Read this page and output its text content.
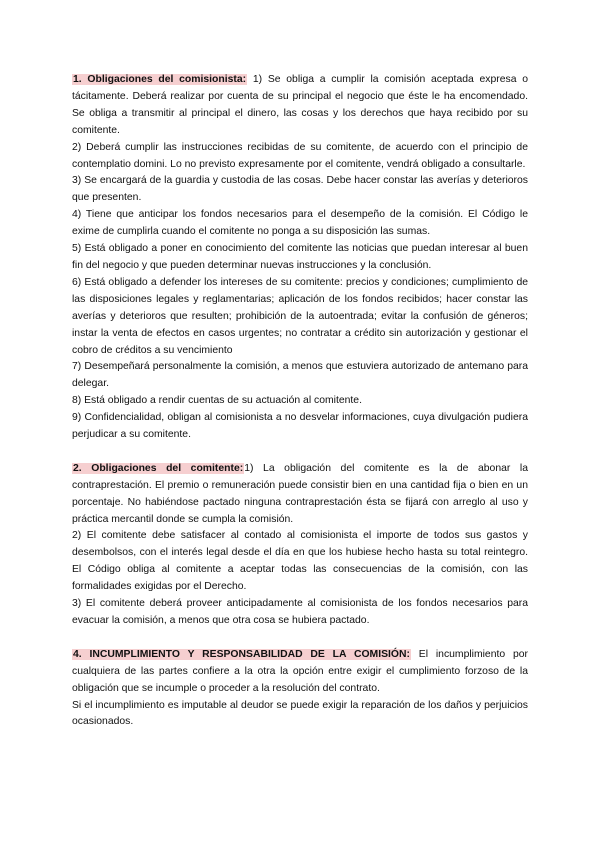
1. Obligaciones del comisionista: 1) Se obliga a cumplir la comisión aceptada expresa o tácitamente. Deberá realizar por cuenta de su principal el negocio que éste le ha encomendado. Se obliga a transmitir al principal el dinero, las cosas y los derechos que haya recibido por su comitente.

2) Deberá cumplir las instrucciones recibidas de su comitente, de acuerdo con el principio de contemplatio domini. Lo no previsto expresamente por el comitente, vendrá obligado a consultarle.

3) Se encargará de la guardia y custodia de las cosas. Debe hacer constar las averías y deterioros que presenten.

4) Tiene que anticipar los fondos necesarios para el desempeño de la comisión. El Código le exime de cumplirla cuando el comitente no ponga a su disposición las sumas.

5) Está obligado a poner en conocimiento del comitente las noticias que puedan interesar al buen fin del negocio y que pueden determinar nuevas instrucciones y la conclusión.

6) Está obligado a defender los intereses de su comitente: precios y condiciones; cumplimiento de las disposiciones legales y reglamentarias; aplicación de los fondos recibidos; hacer constar las averías y deterioros que resulten; prohibición de la autoentrada; evitar la confusión de géneros; instar la venta de efectos en casos urgentes; no contratar a crédito sin autorización y gestionar el cobro de créditos a su vencimiento

7) Desempeñará personalmente la comisión, a menos que estuviera autorizado de antemano para delegar.

8) Está obligado a rendir cuentas de su actuación al comitente.

9) Confidencialidad, obligan al comisionista a no desvelar informaciones, cuya divulgación pudiera perjudicar a su comitente.

2. Obligaciones del comitente:1) La obligación del comitente es la de abonar la contraprestación. El premio o remuneración puede consistir bien en una cantidad fija o bien en un porcentaje. No habiéndose pactado ninguna contraprestación ésta se fijará con arreglo al uso y práctica mercantil donde se cumpla la comisión.

2) El comitente debe satisfacer al contado al comisionista el importe de todos sus gastos y desembolsos, con el interés legal desde el día en que los hubiese hecho hasta su total reintegro. El Código obliga al comitente a aceptar todas las consecuencias de la comisión, con las formalidades exigidas por el Derecho.

3) El comitente deberá proveer anticipadamente al comisionista de los fondos necesarios para evacuar la comisión, a menos que otra cosa se hubiera pactado.

4. INCUMPLIMIENTO Y RESPONSABILIDAD DE LA COMISIÓN: El incumplimiento por cualquiera de las partes confiere a la otra la opción entre exigir el cumplimiento forzoso de la obligación que se incumple o proceder a la resolución del contrato.

Si el incumplimiento es imputable al deudor se puede exigir la reparación de los daños y perjuicios ocasionados.
